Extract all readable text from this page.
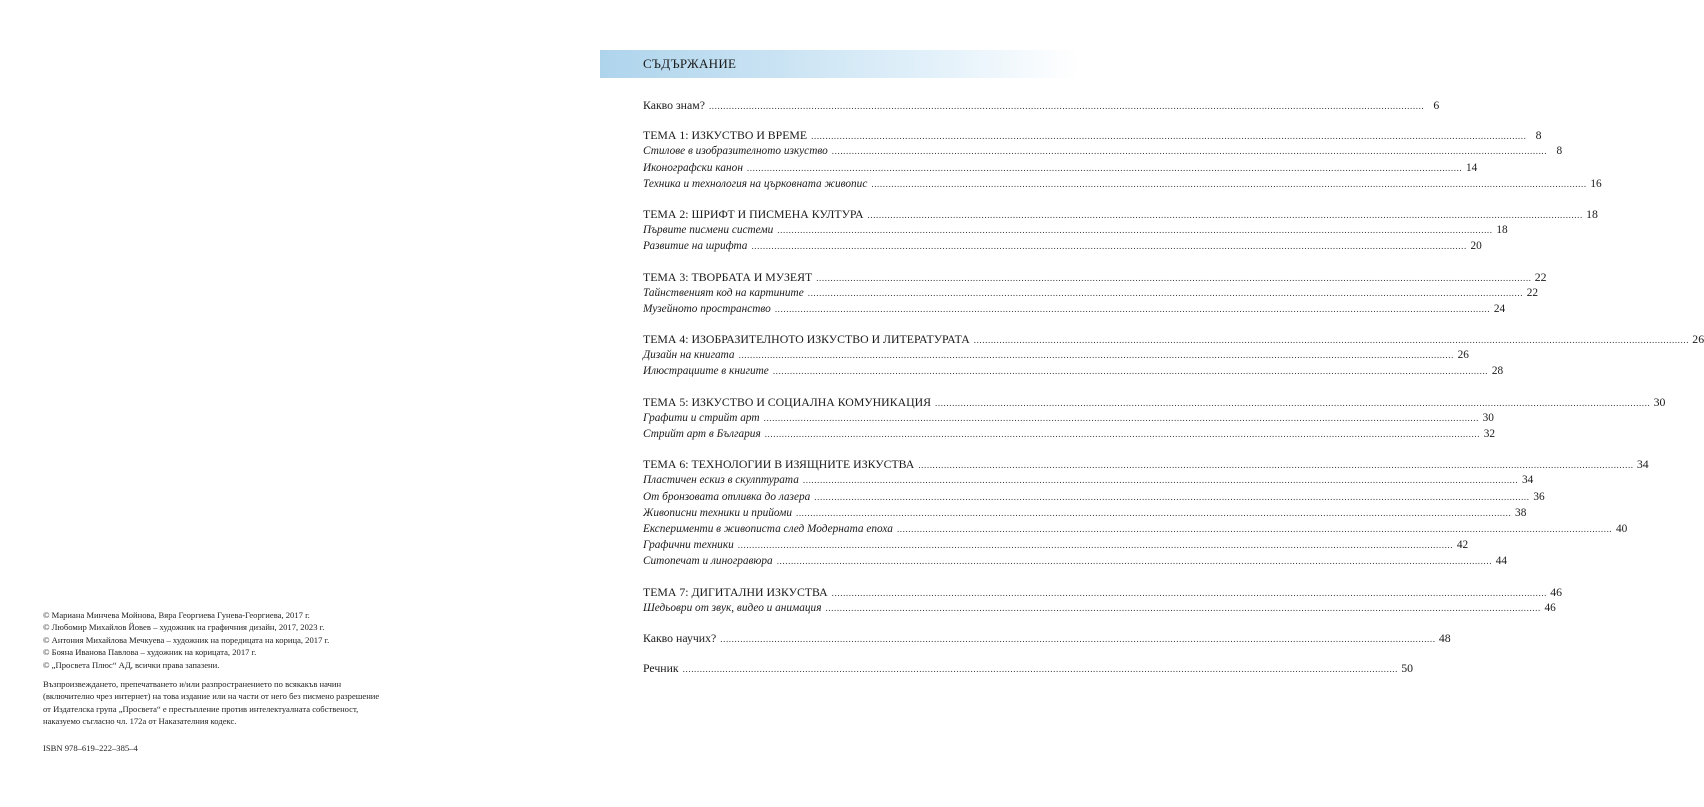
© Мариана Минчева Мойнова, Вяра Георгиева Гунева-Георгиева, 2017 г.
© Любомир Михайлов Йовев – художник на графичния дизайн, 2017, 2023 г.
© Антония Михайлова Мечкуева – художник на поредицата на корица, 2017 г.
© Бояна Иванова Павлова – художник на корицата, 2017 г.
© „Просвета Плюс“ АД, всички права запазени.
Възпроизвеждането, препечатването и/или разпространението по всякакъв начин
(включително чрез интернет) на това издание или на части от него без писмено разрешение
от Издателска група „Просвета“ е престъпление против интелектуалната собственост,
наказуемо съгласно чл. 172а от Наказателния кодекс.
ISBN 978–619–222–385–4
СЪДЪРЖАНИЕ
Какво знам? ........................................................................................................................................................................................................................................................... 6
ТЕМА 1: ИЗКУСТВО И ВРЕМЕ ........................................................................................................................................................................................................................................................... 8
Стилове в изобразителното изкуство ........................................................................................................................................................................................................................................................... 8
Иконографски канон ........................................................................................................................................................................................................................................................... 14
Техника и технология на църковната живопис ........................................................................................................................................................................................................................................................... 16
ТЕМА 2: ШРИФТ И ПИСМЕНА КУЛТУРА ........................................................................................................................................................................................................................................................... 18
Първите писмени системи ........................................................................................................................................................................................................................................................... 18
Развитие на шрифта ........................................................................................................................................................................................................................................................... 20
ТЕМА 3: ТВОРБАТА И МУЗЕЯТ ........................................................................................................................................................................................................................................................... 22
Тайнственият код на картините ........................................................................................................................................................................................................................................................... 22
Музейното пространство ........................................................................................................................................................................................................................................................... 24
ТЕМА 4: ИЗОБРАЗИТЕЛНОТО ИЗКУСТВО И ЛИТЕРАТУРАТА ........................................................................................................................................................................................................................................................... 26
Дизайн на книгата ........................................................................................................................................................................................................................................................... 26
Илюстрациите в книгите ........................................................................................................................................................................................................................................................... 28
ТЕМА 5: ИЗКУСТВО И СОЦИАЛНА КОМУНИКАЦИЯ ........................................................................................................................................................................................................................................................... 30
Графити и стрийт арт ........................................................................................................................................................................................................................................................... 30
Стрийт арт в България ........................................................................................................................................................................................................................................................... 32
ТЕМА 6: ТЕХНОЛОГИИ В ИЗЯЩНИТЕ ИЗКУСТВА ........................................................................................................................................................................................................................................................... 34
Пластичен ескиз в скулптурата ........................................................................................................................................................................................................................................................... 34
От бронзовата отливка до лазера ........................................................................................................................................................................................................................................................... 36
Живописни техники и прийоми ........................................................................................................................................................................................................................................................... 38
Експерименти в живописта след Модерната епоха ........................................................................................................................................................................................................................................................... 40
Графични техники ........................................................................................................................................................................................................................................................... 42
Ситопечат и линогравюра ........................................................................................................................................................................................................................................................... 44
ТЕМА 7: ДИГИТАЛНИ ИЗКУСТВА ........................................................................................................................................................................................................................................................... 46
Шедьоври от звук, видео и анимация ........................................................................................................................................................................................................................................................... 46
Какво научих? ........................................................................................................................................................................................................................................................... 48
Речник ........................................................................................................................................................................................................................................................... 50
